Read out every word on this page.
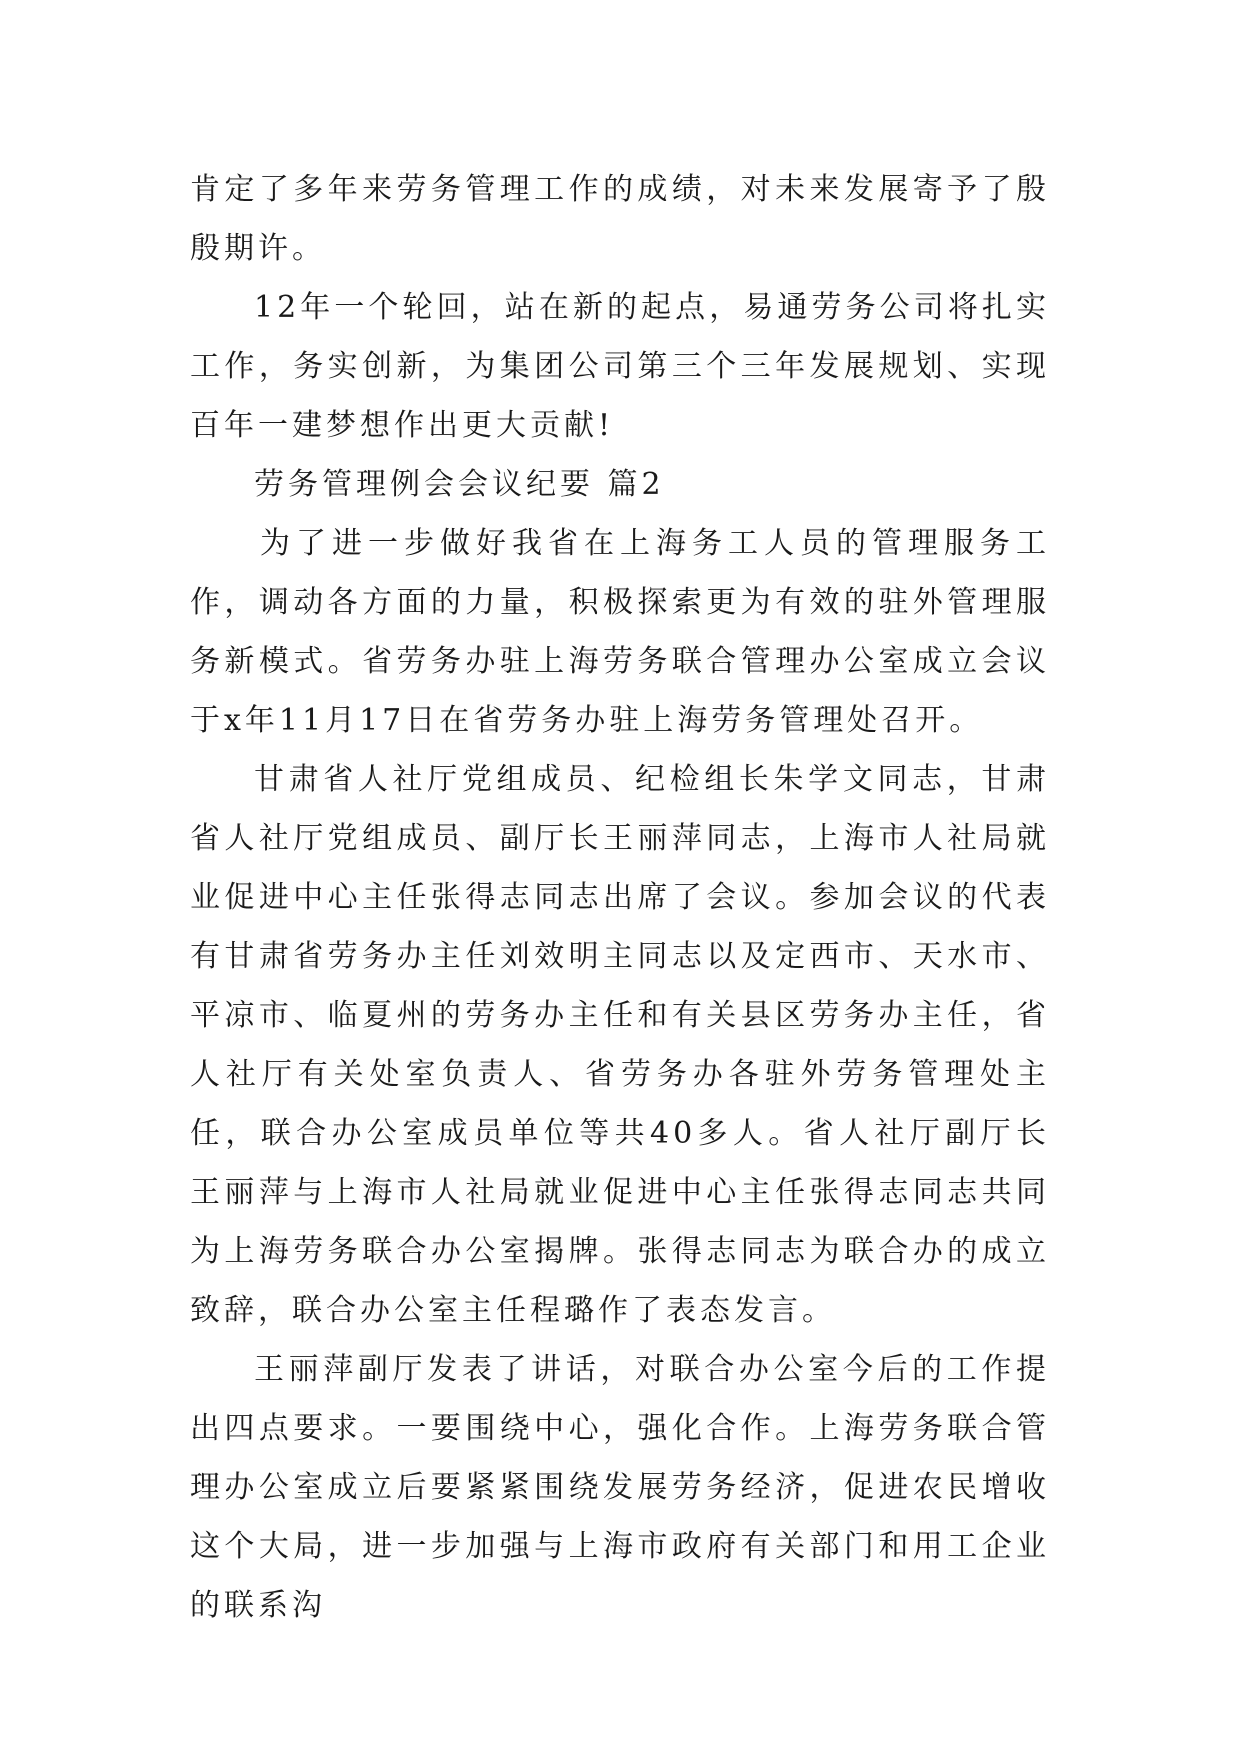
肯定了多年来劳务管理工作的成绩，对未来发展寄予了殷殷期许。

12年一个轮回，站在新的起点，易通劳务公司将扎实工作，务实创新，为集团公司第三个三年发展规划、实现百年一建梦想作出更大贡献!

劳务管理例会会议纪要 篇2

为了进一步做好我省在上海务工人员的管理服务工作，调动各方面的力量，积极探索更为有效的驻外管理服务新模式。省劳务办驻上海劳务联合管理办公室成立会议于x年11月17日在省劳务办驻上海劳务管理处召开。

甘肃省人社厅党组成员、纪检组长朱学文同志，甘肃省人社厅党组成员、副厅长王丽萍同志，上海市人社局就业促进中心主任张得志同志出席了会议。参加会议的代表有甘肃省劳务办主任刘效明主同志以及定西市、天水市、平凉市、临夏州的劳务办主任和有关县区劳务办主任，省人社厅有关处室负责人、省劳务办各驻外劳务管理处主任，联合办公室成员单位等共40多人。省人社厅副厅长王丽萍与上海市人社局就业促进中心主任张得志同志共同为上海劳务联合办公室揭牌。张得志同志为联合办的成立致辞，联合办公室主任程璐作了表态发言。

王丽萍副厅发表了讲话，对联合办公室今后的工作提出四点要求。一要围绕中心，强化合作。上海劳务联合管理办公室成立后要紧紧围绕发展劳务经济，促进农民增收这个大局，进一步加强与上海市政府有关部门和用工企业的联系沟
